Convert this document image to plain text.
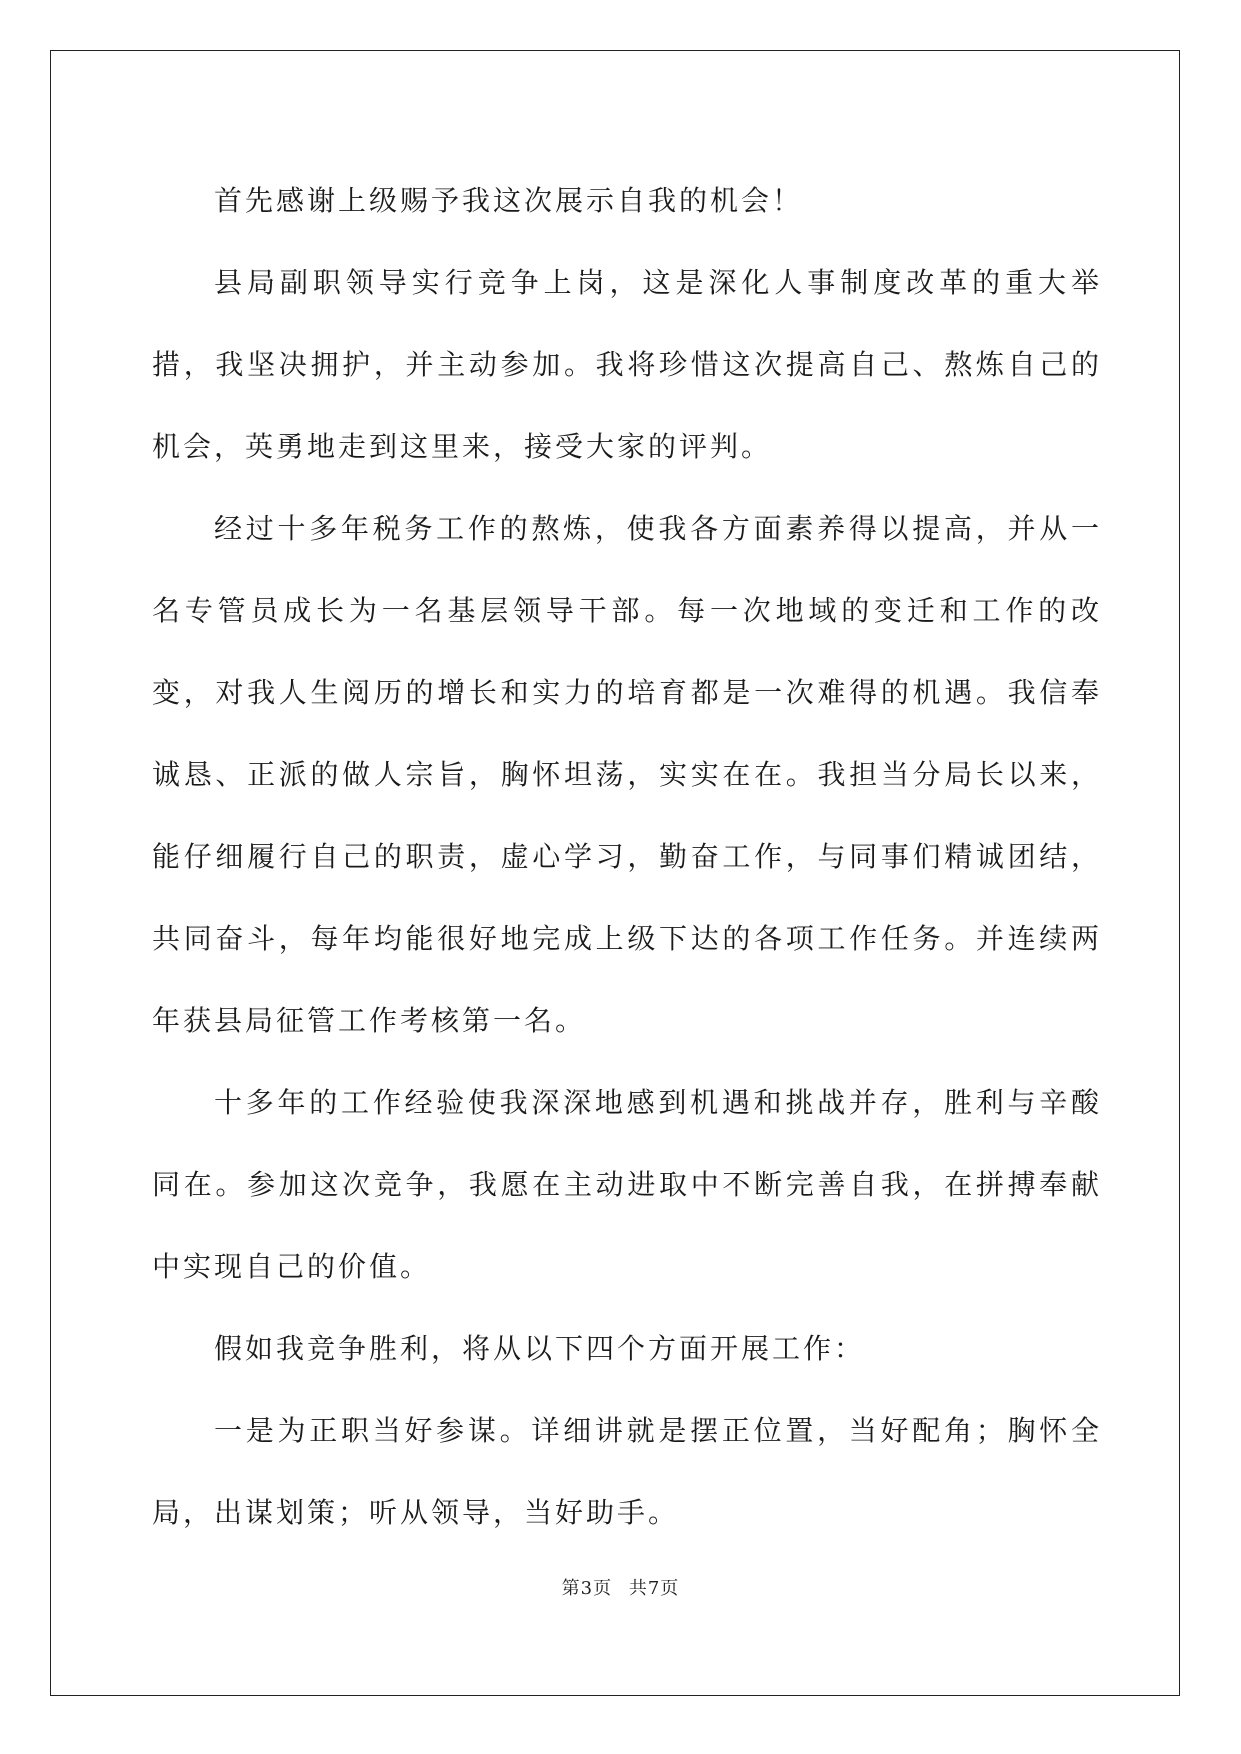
首先感谢上级赐予我这次展示自我的机会！

县局副职领导实行竞争上岗，这是深化人事制度改革的重大举措，我坚决拥护，并主动参加。我将珍惜这次提高自己、熬炼自己的机会，英勇地走到这里来，接受大家的评判。

经过十多年税务工作的熬炼，使我各方面素养得以提高，并从一名专管员成长为一名基层领导干部。每一次地域的变迁和工作的改变，对我人生阅历的增长和实力的培育都是一次难得的机遇。我信奉诚恳、正派的做人宗旨，胸怀坦荡，实实在在。我担当分局长以来，能仔细履行自己的职责，虚心学习，勤奋工作，与同事们精诚团结，共同奋斗，每年均能很好地完成上级下达的各项工作任务。并连续两年获县局征管工作考核第一名。

十多年的工作经验使我深深地感到机遇和挑战并存，胜利与辛酸同在。参加这次竞争，我愿在主动进取中不断完善自我，在拼搏奉献中实现自己的价值。

假如我竞争胜利，将从以下四个方面开展工作：

一是为正职当好参谋。详细讲就是摆正位置，当好配角；胸怀全局，出谋划策；听从领导，当好助手。

第3页 共7页
